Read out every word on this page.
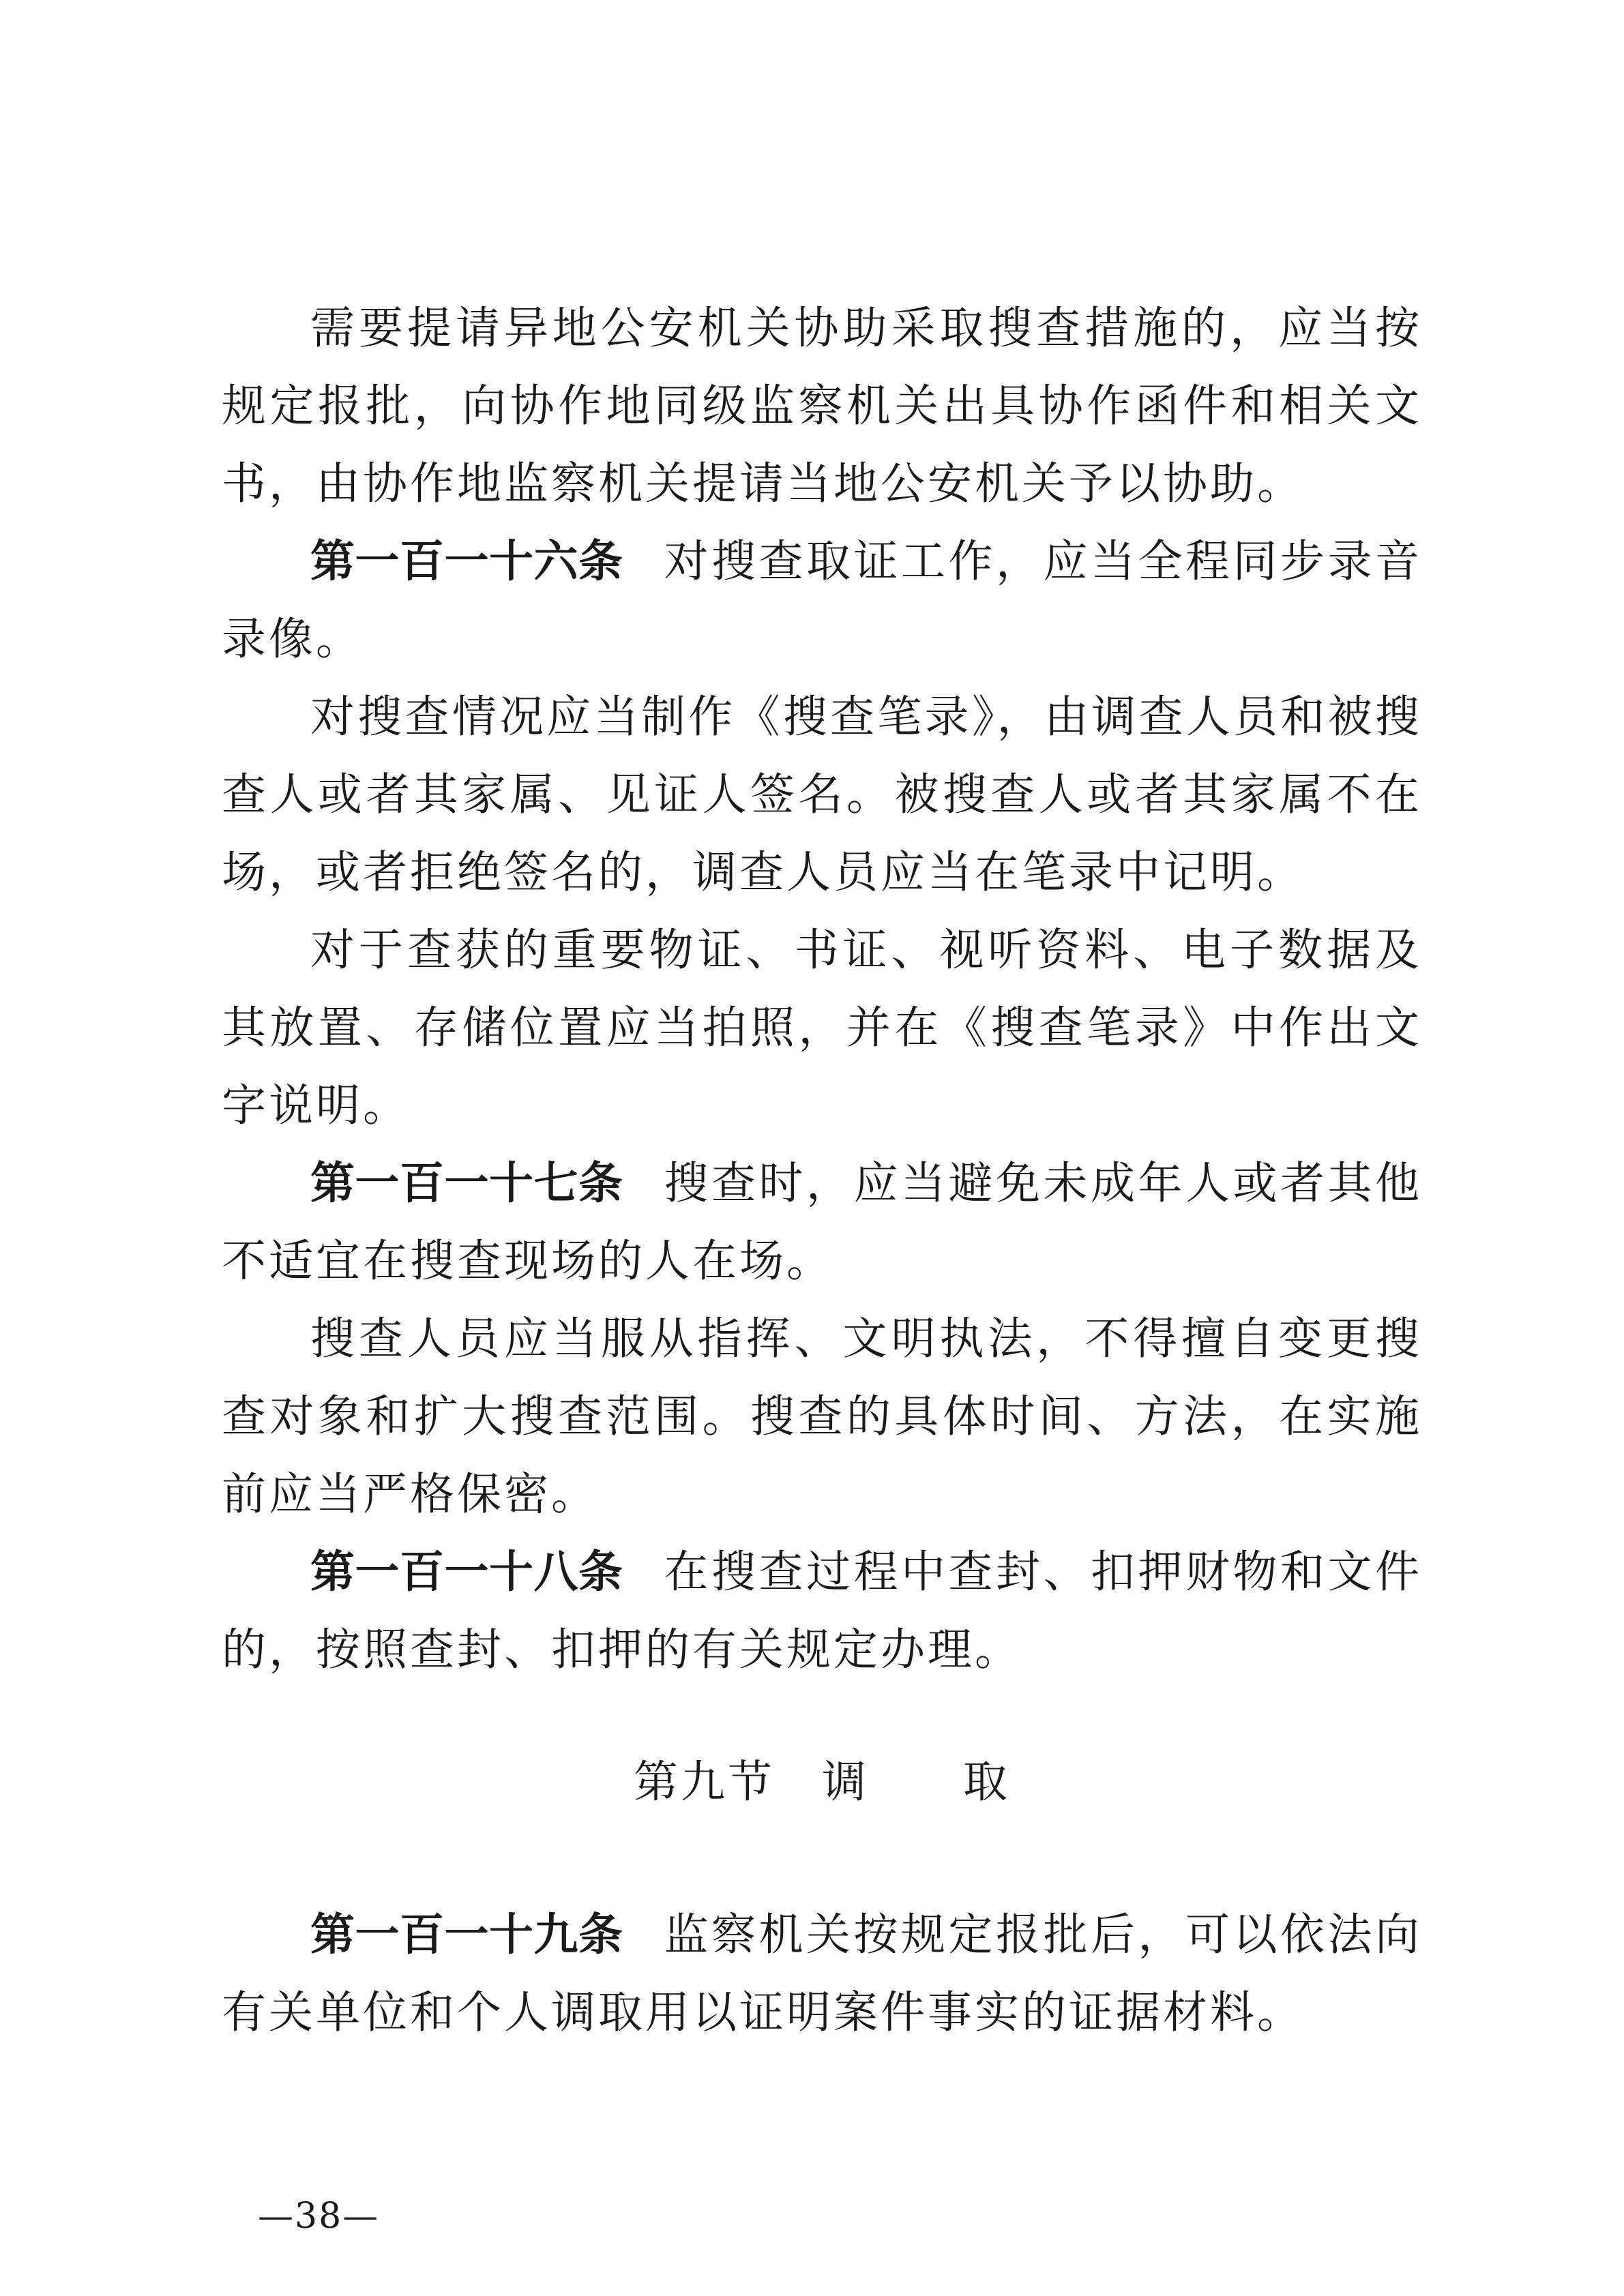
需要提请异地公安机关协助采取搜查措施的，应当按规定报批，向协作地同级监察机关出具协作函件和相关文书，由协作地监察机关提请当地公安机关予以协助。

第一百一十六条 对搜查取证工作，应当全程同步录音录像。

对搜查情况应当制作《搜查笔录》，由调查人员和被搜查人或者其家属、见证人签名。被搜查人或者其家属不在场，或者拒绝签名的，调查人员应当在笔录中记明。

对于查获的重要物证、书证、视听资料、电子数据及其放置、存储位置应当拍照，并在《搜查笔录》中作出文字说明。

第一百一十七条 搜查时，应当避免未成年人或者其他不适宜在搜查现场的人在场。

搜查人员应当服从指挥、文明执法，不得擅自变更搜查对象和扩大搜查范围。搜查的具体时间、方法，在实施前应当严格保密。

第一百一十八条 在搜查过程中查封、扣押财物和文件的，按照查封、扣押的有关规定办理。

第九节　调　　取

第一百一十九条 监察机关按规定报批后，可以依法向有关单位和个人调取用以证明案件事实的证据材料。

—38—
